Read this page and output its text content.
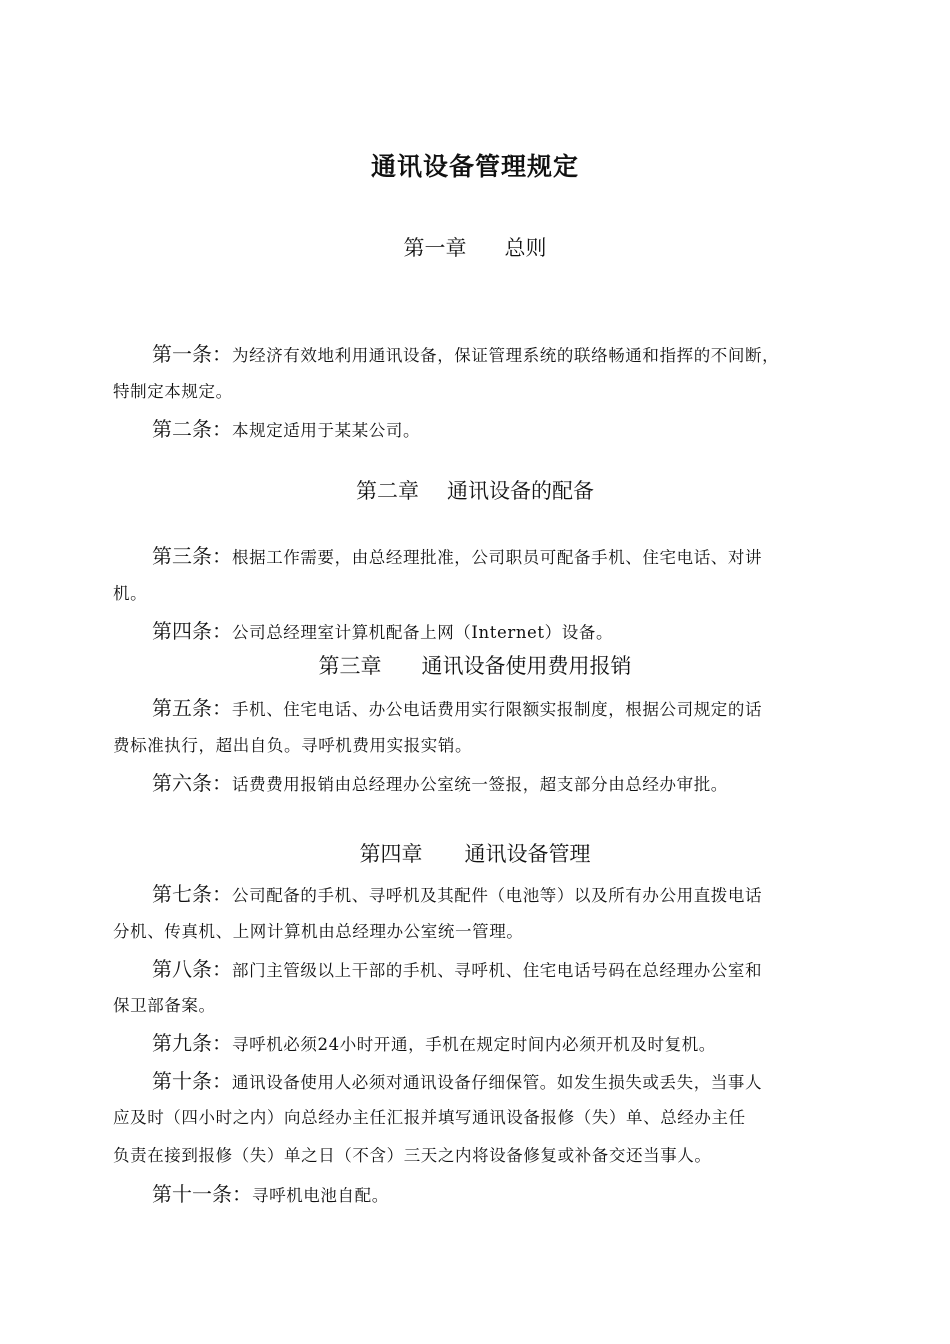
通讯设备管理规定
第一章 总则
第一条：为经济有效地利用通讯设备，保证管理系统的联络畅通和指挥的不间断，
特制定本规定。
第二条：本规定适用于某某公司。
第二章 通讯设备的配备
第三条：根据工作需要，由总经理批准，公司职员可配备手机、住宅电话、对讲
机。
第四条：公司总经理室计算机配备上网（Internet）设备。
第三章 通讯设备使用费用报销
第五条：手机、住宅电话、办公电话费用实行限额实报制度，根据公司规定的话
费标准执行，超出自负。寻呼机费用实报实销。
第六条：话费费用报销由总经理办公室统一签报，超支部分由总经办审批。
第四章 通讯设备管理
第七条：公司配备的手机、寻呼机及其配件（电池等）以及所有办公用直拨电话
分机、传真机、上网计算机由总经理办公室统一管理。
第八条：部门主管级以上干部的手机、寻呼机、住宅电话号码在总经理办公室和
保卫部备案。
第九条：寻呼机必须24小时开通，手机在规定时间内必须开机及时复机。
第十条：通讯设备使用人必须对通讯设备仔细保管。如发生损失或丢失，当事人
应及时（四小时之内）向总经办主任汇报并填写通讯设备报修（失）单、总经办主任
负责在接到报修（失）单之日（不含）三天之内将设备修复或补备交还当事人。
第十一条：寻呼机电池自配。
